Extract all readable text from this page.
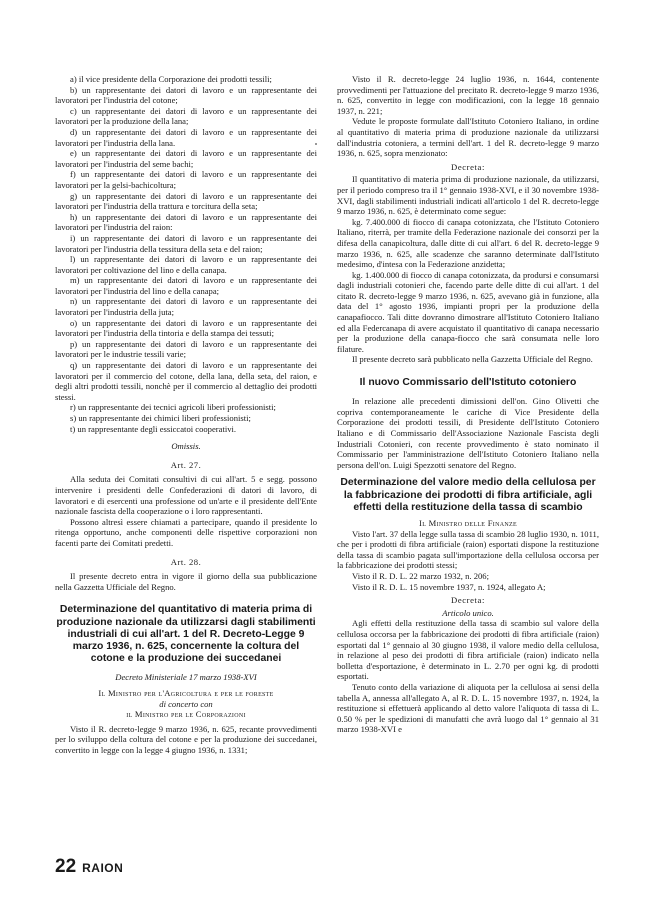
a) il vice presidente della Corporazione dei prodotti tessili;

b) un rappresentante dei datori di lavoro e un rappresentante dei lavoratori per l'industria del cotone;

c) un rappresentante dei datori di lavoro e un rappresentante dei lavoratori per la produzione della lana;

d) un rappresentante dei datori di lavoro e un rappresentante dei lavoratori per l'industria della lana.

e) un rappresentante dei datori di lavoro e un rappresentante dei lavoratori per l'industria del seme bachi;

f) un rappresentante dei datori di lavoro e un rappresentante dei lavoratori per la gelsi-bachicoltura;

g) un rappresentante dei datori di lavoro e un rappresentante dei lavoratori per l'industria della trattura e torcitura della seta;

h) un rappresentante dei datori di lavoro e un rappresentante dei lavoratori per l'industria del raion:

i) un rappresentante dei datori di lavoro e un rappresentante dei lavoratori per l'industria della tessitura della seta e del raion;

l) un rappresentante dei datori di lavoro e un rappresentante dei lavoratori per coltivazione del lino e della canapa.

m) un rappresentante dei datori di lavoro e un rappresentante dei lavoratori per l'industria del lino e della canapa;

n) un rappresentante dei datori di lavoro e un rappresentante dei lavoratori per l'industria della juta;

o) un rappresentante dei datori di lavoro e un rappresentante dei lavoratori per l'industria della tintoria e della stampa dei tessuti;

p) un rappresentante dei datori di lavoro e un rappresentante dei lavoratori per le industrie tessili varie;

q) un rappresentante dei datori di lavoro e un rappresentante dei lavoratori per il commercio del cotone, della lana, della seta, del raion, e degli altri prodotti tessili, nonchè per il commercio al dettaglio dei prodotti stessi.

r) un rappresentante dei tecnici agricoli liberi professionisti;

s) un rappresentante dei chimici liberi professionisti;

t) un rappresentante degli essiccatoi cooperativi.

Omissis.

Art. 27.

Alla seduta dei Comitati consultivi di cui all'art. 5 e segg. possono intervenire i presidenti delle Confederazioni di datori di lavoro, di lavoratori e di esercenti una professione od un'arte e il presidente dell'Ente nazionale fascista della cooperazione o i loro rappresentanti.

Possono altresì essere chiamati a partecipare, quando il presidente lo ritenga opportuno, anche componenti delle rispettive corporazioni non facenti parte dei Comitati predetti.

Art. 28.

Il presente decreto entra in vigore il giorno della sua pubblicazione nella Gazzetta Ufficiale del Regno.

Determinazione del quantitativo di materia prima di produzione nazionale da utilizzarsi dagli stabilimenti industriali di cui all'art. 1 del R. Decreto-Legge 9 marzo 1936, n. 625, concernente la coltura del cotone e la produzione dei succedanei

Decreto Ministeriale 17 marzo 1938-XVI

Il Ministro per l'Agricoltura e per le foreste

di concerto con

il Ministro per le Corporazioni

Visto il R. decreto-legge 9 marzo 1936, n. 625, recante provvedimenti per lo sviluppo della coltura del cotone e per la produzione dei succedanei, convertito in legge con la legge 4 giugno 1936, n. 1331;

Visto il R. decreto-legge 24 luglio 1936, n. 1644, contenente provvedimenti per l'attuazione del precitato R. decreto-legge 9 marzo 1936, n. 625, convertito in legge con modificazioni, con la legge 18 gennaio 1937, n. 221;

Vedute le proposte formulate dall'Istituto Cotoniero Italiano, in ordine al quantitativo di materia prima di produzione nazionale da utilizzarsi dall'industria cotoniera, a termini dell'art. 1 del R. decreto-legge 9 marzo 1936, n. 625, sopra menzionato:

Decreta:

Il quantitativo di materia prima di produzione nazionale, da utilizzarsi, per il periodo compreso tra il 1° gennaio 1938-XVI, e il 30 novembre 1938-XVI, dagli stabilimenti industriali indicati all'articolo 1 del R. decreto-legge 9 marzo 1936, n. 625, è determinato come segue:

kg. 7.400.000 di fiocco di canapa cotonizzata, che l'Istituto Cotoniero Italiano, riterrà, per tramite della Federazione nazionale dei consorzi per la difesa della canapicoltura, dalle ditte di cui all'art. 6 del R. decreto-legge 9 marzo 1936, n. 625, alle scadenze che saranno determinate dall'Istituto medesimo, d'intesa con la Federazione anzidetta;

kg. 1.400.000 di fiocco di canapa cotonizzata, da prodursi e consumarsi dagli industriali cotonieri che, facendo parte delle ditte di cui all'art. 1 del citato R. decreto-legge 9 marzo 1936, n. 625, avevano già in funzione, alla data del 1° agosto 1936, impianti propri per la produzione della canapafiocco. Tali ditte dovranno dimostrare all'Istituto Cotoniero Italiano ed alla Federcanapa di avere acquistato il quantitativo di canapa necessario per la produzione della canapa-fiocco che sarà consumata nelle loro filature.

Il presente decreto sarà pubblicato nella Gazzetta Ufficiale del Regno.

Il nuovo Commissario dell'Istituto cotoniero

In relazione alle precedenti dimissioni dell'on. Gino Olivetti che copriva contemporaneamente le cariche di Vice Presidente della Corporazione dei prodotti tessili, di Presidente dell'Istituto Cotoniero Italiano e di Commissario dell'Associazione Nazionale Fascista degli Industriali Cotonieri, con recente provvedimento è stato nominato il Commissario per l'amministrazione dell'Istituto Cotoniero Italiano nella persona dell'on. Luigi Spezzotti senatore del Regno.

Determinazione del valore medio della cellulosa per la fabbricazione dei prodotti di fibra artificiale, agli effetti della restituzione della tassa di scambio

Il Ministro delle Finanze

Visto l'art. 37 della legge sulla tassa di scambio 28 luglio 1930, n. 1011, che per i prodotti di fibra artificiale (raion) esportati dispone la restituzione della tassa di scambio pagata sull'importazione della cellulosa occorsa per la fabbricazione dei prodotti stessi;

Visto il R. D. L. 22 marzo 1932, n. 206;

Visto il R. D. L. 15 novembre 1937, n. 1924, allegato A;

Decreta:

Articolo unico.

Agli effetti della restituzione della tassa di scambio sul valore della cellulosa occorsa per la fabbricazione dei prodotti di fibra artificiale (raion) esportati dal 1° gennaio al 30 giugno 1938, il valore medio della cellulosa, in relazione al peso dei prodotti di fibra artificiale (raion) indicato nella bolletta d'esportazione, è determinato in L. 2.70 per ogni kg. di prodotti esportati.

Tenuto conto della variazione di aliquota per la cellulosa ai sensi della tabella A, annessa all'allegato A, al R. D. L. 15 novembre 1937, n. 1924, la restituzione si effettuerà applicando al detto valore l'aliquota di tassa di L. 0.50 % per le spedizioni di manufatti che avrà luogo dal 1° gennaio al 31 marzo 1938-XVI e

22 RAION
